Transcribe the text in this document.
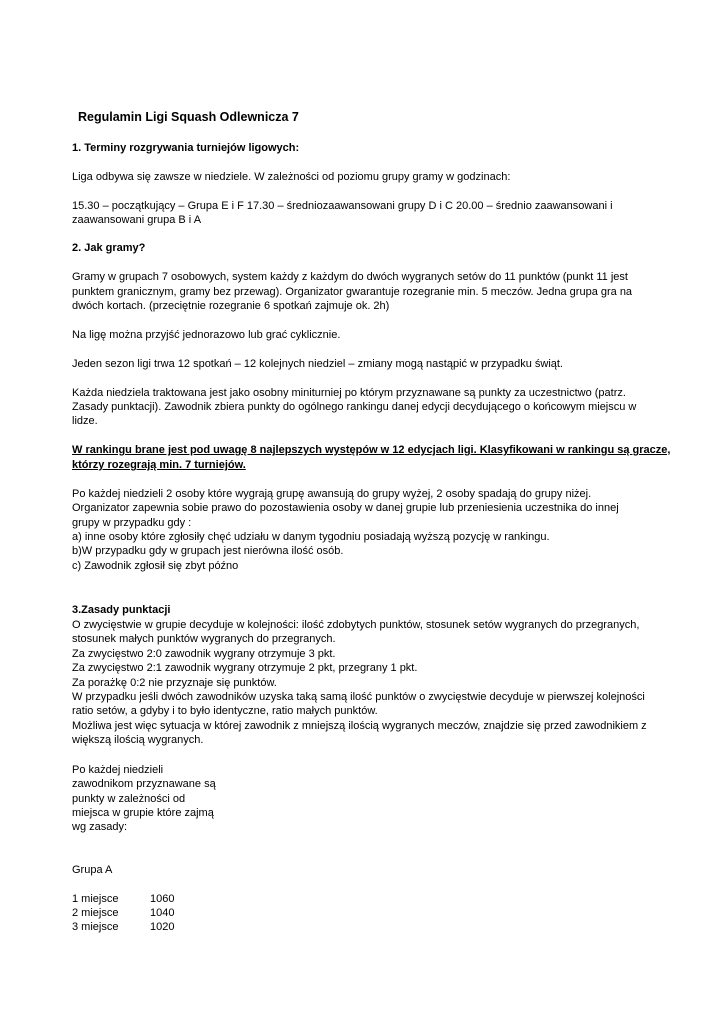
Regulamin Ligi Squash Odlewnicza 7
1. Terminy rozgrywania turniejów ligowych:
Liga odbywa się zawsze w niedziele. W zależności od poziomu grupy gramy w godzinach:
15.30 – początkujący – Grupa E i F 17.30 – średniozaawansowani grupy D i C 20.00 – średnio zaawansowani i
zaawansowani grupa B i A
2. Jak gramy?
Gramy w grupach 7 osobowych, system każdy z każdym do dwóch wygranych setów do 11 punktów (punkt 11 jest
punktem granicznym, gramy bez przewag). Organizator gwarantuje rozegranie min. 5 meczów. Jedna grupa gra na
dwóch kortach. (przeciętnie rozegranie 6 spotkań zajmuje ok. 2h)
Na ligę można przyjść jednorazowo lub grać cyklicznie.
Jeden sezon ligi trwa 12 spotkań – 12 kolejnych niedziel – zmiany mogą nastąpić w przypadku świąt.
Każda niedziela traktowana jest jako osobny miniturniej po którym przyznawane są punkty za uczestnictwo (patrz.
Zasady punktacji). Zawodnik zbiera punkty do ogólnego rankingu danej edycji decydującego o końcowym miejscu w
lidze.
W rankingu brane jest pod uwagę 8 najlepszych występów w 12 edycjach ligi. Klasyfikowani w rankingu są gracze,
którzy rozegrają min. 7 turniejów.
Po każdej niedzieli 2 osoby które wygrają grupę awansują do grupy wyżej, 2 osoby spadają do grupy niżej.
Organizator zapewnia sobie prawo do pozostawienia osoby w danej grupie lub przeniesienia uczestnika do innej
grupy w przypadku gdy :
a) inne osoby które zgłosiły chęć udziału w danym tygodniu posiadają wyższą pozycję w rankingu.
b)W przypadku gdy w grupach jest nierówna ilość osób.
c) Zawodnik zgłosił się zbyt późno
3.Zasady punktacji
O zwycięstwie w grupie decyduje w kolejności: ilość zdobytych punktów, stosunek setów wygranych do przegranych,
stosunek małych punktów wygranych do przegranych.
Za zwycięstwo 2:0 zawodnik wygrany otrzymuje 3 pkt.
Za zwycięstwo 2:1 zawodnik wygrany otrzymuje 2 pkt, przegrany 1 pkt.
Za porażkę 0:2 nie przyznaje się punktów.
W przypadku jeśli dwóch zawodników uzyska taką samą ilość punktów o zwycięstwie decyduje w pierwszej kolejności
ratio setów, a gdyby i to było identyczne, ratio małych punktów.
Możliwa jest więc sytuacja w której zawodnik z mniejszą ilością wygranych meczów, znajdzie się przed zawodnikiem z
większą ilością wygranych.
Po każdej niedzieli
zawodnikom przyznawane są
punkty w zależności od
miejsca w grupie które zajmą
wg zasady:
Grupa A
1 miejsce	1060
2 miejsce	1040
3 miejsce	1020
